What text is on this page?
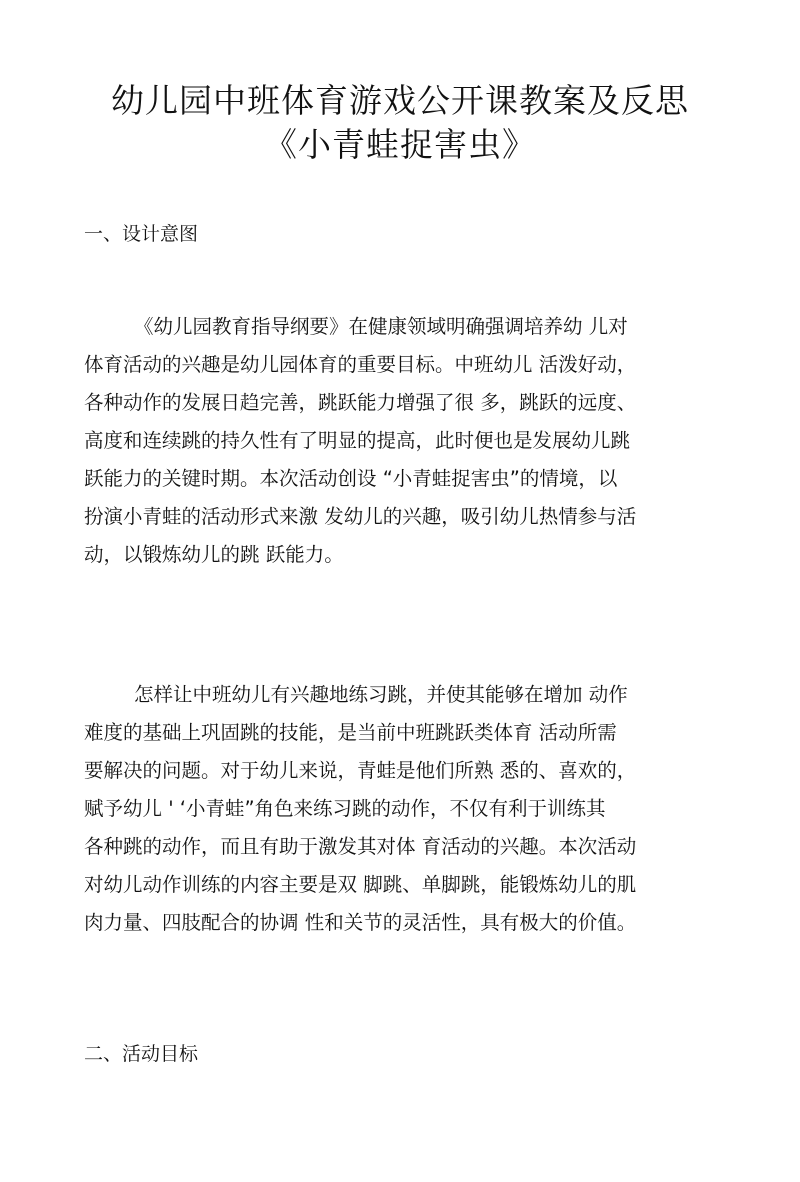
幼儿园中班体育游戏公开课教案及反思
《小青蛙捉害虫》
一、设计意图
《幼儿园教育指导纲要》在健康领域明确强调培养幼 儿对
体育活动的兴趣是幼儿园体育的重要目标。中班幼儿 活泼好动，
各种动作的发展日趋完善，跳跃能力增强了很 多，跳跃的远度、
高度和连续跳的持久性有了明显的提高，此时便也是发展幼儿跳
跃能力的关键时期。本次活动创设 “小青蛙捉害虫”的情境，以
扮演小青蛙的活动形式来激 发幼儿的兴趣，吸引幼儿热情参与活
动，以锻炼幼儿的跳 跃能力。
怎样让中班幼儿有兴趣地练习跳，并使其能够在增加 动作
难度的基础上巩固跳的技能，是当前中班跳跃类体育 活动所需
要解决的问题。对于幼儿来说，青蛙是他们所熟 悉的、喜欢的，
赋予幼儿 ' ‘小青蛙”角色来练习跳的动作，不仅有利于训练其
各种跳的动作，而且有助于激发其对体 育活动的兴趣。本次活动
对幼儿动作训练的内容主要是双 脚跳、单脚跳，能锻炼幼儿的肌
肉力量、四肢配合的协调 性和关节的灵活性，具有极大的价值。
二、活动目标
